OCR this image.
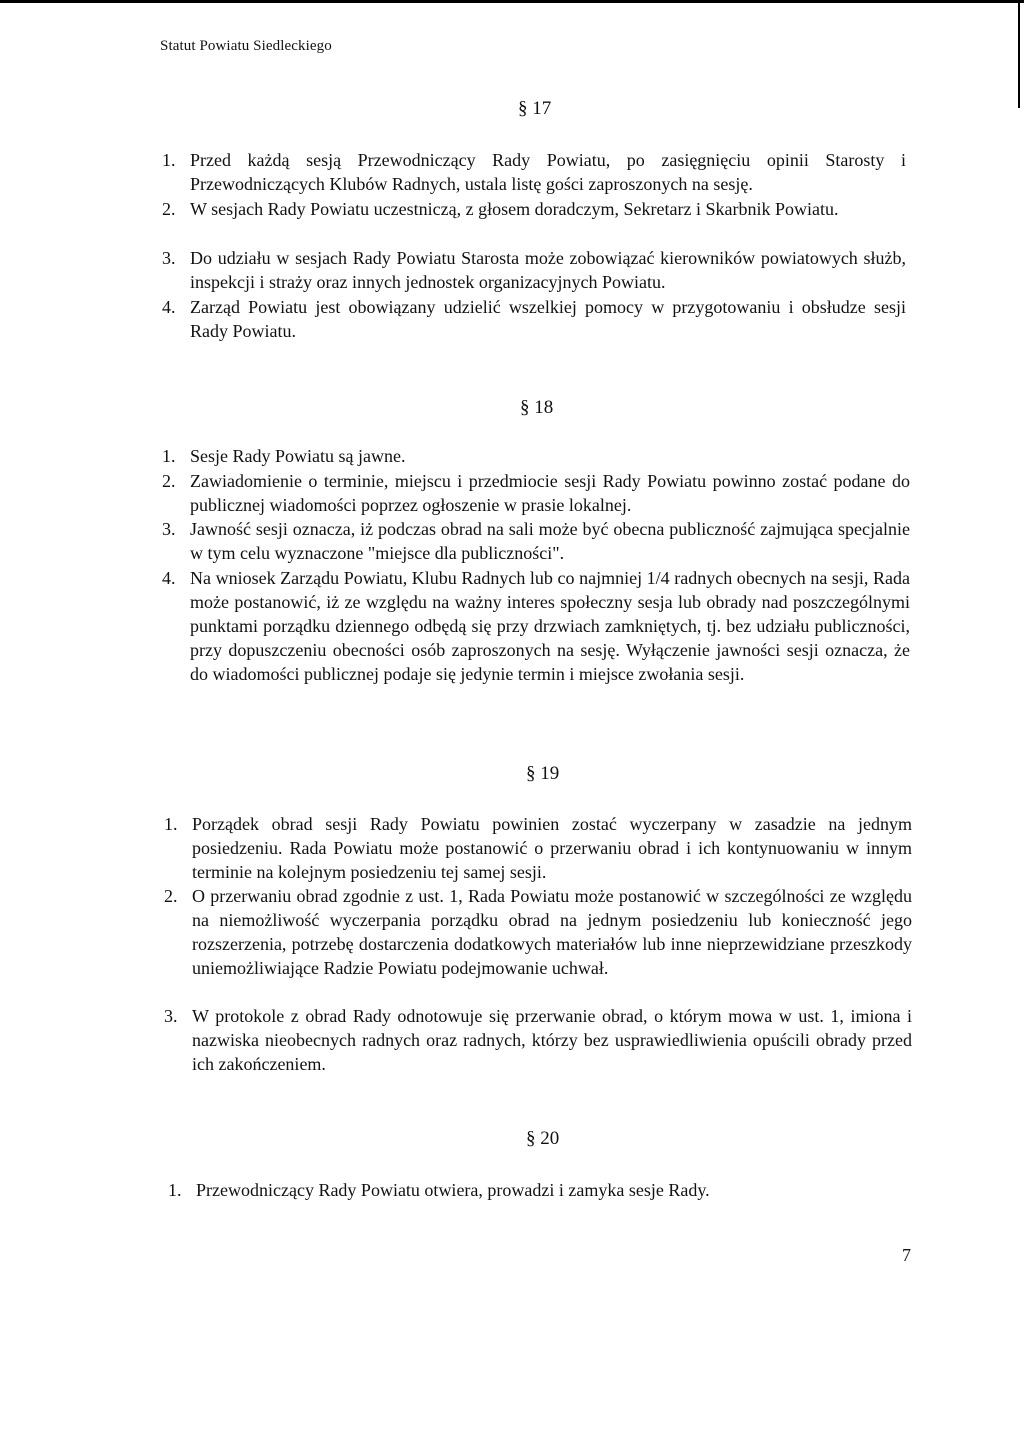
Statut Powiatu Siedleckiego
§ 17
1. Przed każdą sesją Przewodniczący Rady Powiatu, po zasięgnięciu opinii Starosty i Przewodniczących Klubów Radnych, ustala listę gości zaproszonych na sesję.
2. W sesjach Rady Powiatu uczestniczą, z głosem doradczym, Sekretarz i Skarbnik Powiatu.
3. Do udziału w sesjach Rady Powiatu Starosta może zobowiązać kierowników powiatowych służb, inspekcji i straży oraz innych jednostek organizacyjnych Powiatu.
4. Zarząd Powiatu jest obowiązany udzielić wszelkiej pomocy w przygotowaniu i obsłudze sesji Rady Powiatu.
§ 18
1. Sesje Rady Powiatu są jawne.
2. Zawiadomienie o terminie, miejscu i przedmiocie sesji Rady Powiatu powinno zostać podane do publicznej wiadomości poprzez ogłoszenie w prasie lokalnej.
3. Jawność sesji oznacza, iż podczas obrad na sali może być obecna publiczność zajmująca specjalnie w tym celu wyznaczone "miejsce dla publiczności".
4. Na wniosek Zarządu Powiatu, Klubu Radnych lub co najmniej 1/4 radnych obecnych na sesji, Rada może postanowić, iż ze względu na ważny interes społeczny sesja lub obrady nad poszczególnymi punktami porządku dziennego odbędą się przy drzwiach zamkniętych, tj. bez udziału publiczności, przy dopuszczeniu obecności osób zaproszonych na sesję. Wyłączenie jawności sesji oznacza, że do wiadomości publicznej podaje się jedynie termin i miejsce zwołania sesji.
§ 19
1. Porządek obrad sesji Rady Powiatu powinien zostać wyczerpany w zasadzie na jednym posiedzeniu. Rada Powiatu może postanowić o przerwaniu obrad i ich kontynuowaniu w innym terminie na kolejnym posiedzeniu tej samej sesji.
2. O przerwaniu obrad zgodnie z ust. 1, Rada Powiatu może postanowić w szczególności ze względu na niemożliwość wyczerpania porządku obrad na jednym posiedzeniu lub konieczność jego rozszerzenia, potrzebę dostarczenia dodatkowych materiałów lub inne nieprzewidziane przeszkody uniemożliwiające Radzie Powiatu podejmowanie uchwał.
3. W protokole z obrad Rady odnotowuje się przerwanie obrad, o którym mowa w ust. 1, imiona i nazwiska nieobecnych radnych oraz radnych, którzy bez usprawiedliwienia opuścili obrady przed ich zakończeniem.
§ 20
1. Przewodniczący Rady Powiatu otwiera, prowadzi i zamyka sesje Rady.
7
